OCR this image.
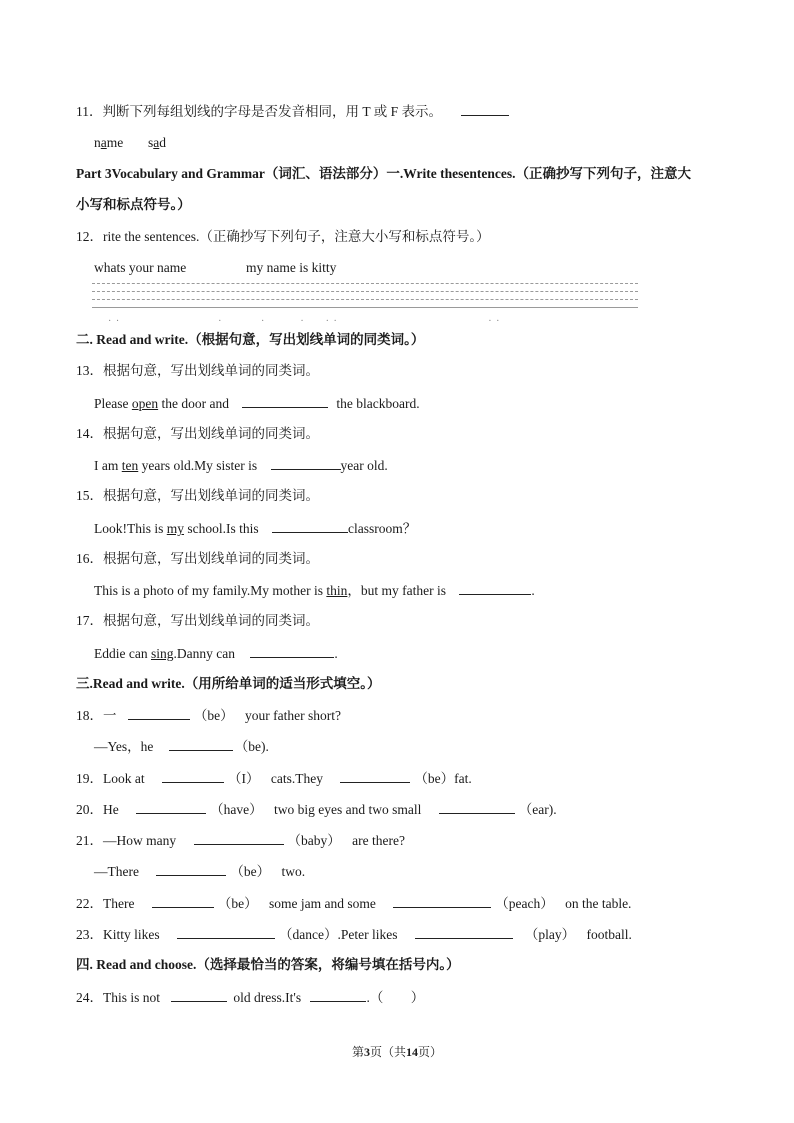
11．判断下列每组划线的字母是否发音相同，用 T 或 F 表示。
name sad
Part 3Vocabulary and Grammar（词汇、语法部分）一.Write thesentences.（正确抄写下列句子，注意大
小写和标点符号。）
12．rite the sentences.（正确抄写下列句子，注意大小写和标点符号。）
whats your name	my name is kitty
· ·                            ·           ·          ·      · ·                                           · ·
二. Read and write.（根据句意，写出划线单词的同类词。）
13．根据句意，写出划线单词的同类词。
Please open the door and	the blackboard.
14．根据句意，写出划线单词的同类词。
I am ten years old.My sister is	year old.
15．根据句意，写出划线单词的同类词。
Look!This is my school.Is this	classroom？
16．根据句意，写出划线单词的同类词。
This is a photo of my family.My mother is thin，but my father is	.
17．根据句意，写出划线单词的同类词。
Eddie can sing.Danny can	.
三.Read and write.（用所给单词的适当形式填空。）
18．一	（be） your father short?
—Yes，he	（be).
19．Look at	（I） cats.They	（be）fat.
20．He	（have） two big eyes and two small	（ear).
21．—How many	（baby） are there?
—There	（be） two.
22．There	（be） some jam and some	（peach） on the table.
23．Kitty likes	（dance）.Peter likes	（play） football.
四. Read and choose.（选择最恰当的答案，将编号填在括号内。）
24．This is not	old dress.It's	.（ ）
第3页（共14页）
